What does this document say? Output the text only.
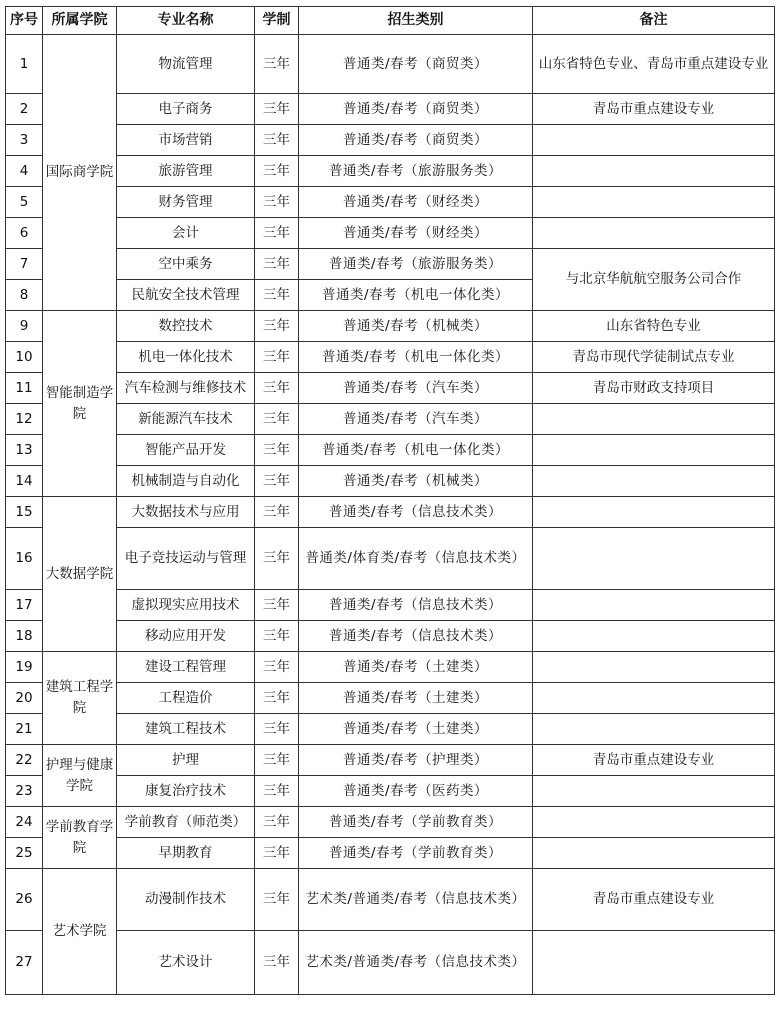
序号	所属学院	专业名称	学制	招生类别	备注
1	国际商学院	物流管理	三年	普通类/春考（商贸类）	山东省特色专业、青岛市重点建设专业
2		电子商务	三年	普通类/春考（商贸类）	青岛市重点建设专业
3		市场营销	三年	普通类/春考（商贸类）	
4		旅游管理	三年	普通类/春考（旅游服务类）	
5		财务管理	三年	普通类/春考（财经类）	
6		会计	三年	普通类/春考（财经类）	
7		空中乘务	三年	普通类/春考（旅游服务类）	与北京华航航空服务公司合作
8		民航安全技术管理	三年	普通类/春考（机电一体化类）	
9	智能制造学院	数控技术	三年	普通类/春考（机械类）	山东省特色专业
10		机电一体化技术	三年	普通类/春考（机电一体化类）	青岛市现代学徒制试点专业
11		汽车检测与维修技术	三年	普通类/春考（汽车类）	青岛市财政支持项目
12		新能源汽车技术	三年	普通类/春考（汽车类）	
13		智能产品开发	三年	普通类/春考（机电一体化类）	
14		机械制造与自动化	三年	普通类/春考（机械类）	
15	大数据学院	大数据技术与应用	三年	普通类/春考（信息技术类）	
16		电子竞技运动与管理	三年	普通类/体育类/春考（信息技术类）	
17		虚拟现实应用技术	三年	普通类/春考（信息技术类）	
18		移动应用开发	三年	普通类/春考（信息技术类）	
19	建筑工程学院	建设工程管理	三年	普通类/春考（土建类）	
20		工程造价	三年	普通类/春考（土建类）	
21		建筑工程技术	三年	普通类/春考（土建类）	
22	护理与健康学院	护理	三年	普通类/春考（护理类）	青岛市重点建设专业
23		康复治疗技术	三年	普通类/春考（医药类）	
24	学前教育学院	学前教育（师范类）	三年	普通类/春考（学前教育类）	
25		早期教育	三年	普通类/春考（学前教育类）	
26	艺术学院	动漫制作技术	三年	艺术类/普通类/春考（信息技术类）	青岛市重点建设专业
27		艺术设计	三年	艺术类/普通类/春考（信息技术类）	
